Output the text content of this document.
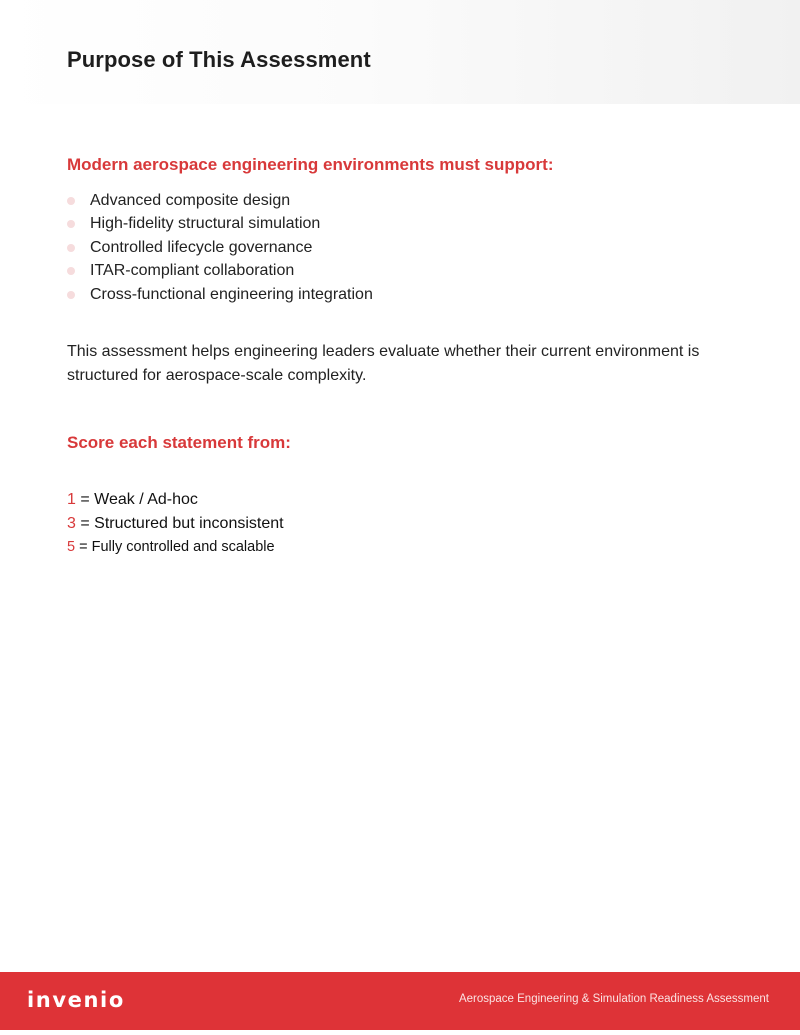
Purpose of This Assessment
Modern aerospace engineering environments must support:
Advanced composite design
High-fidelity structural simulation
Controlled lifecycle governance
ITAR-compliant collaboration
Cross-functional engineering integration

This assessment helps engineering leaders evaluate whether their current environment is structured for aerospace-scale complexity.

Score each statement from:
1 = Weak / Ad-hoc
3 = Structured but inconsistent
5 = Fully controlled and scalable
invenio	Aerospace Engineering & Simulation Readiness Assessment
